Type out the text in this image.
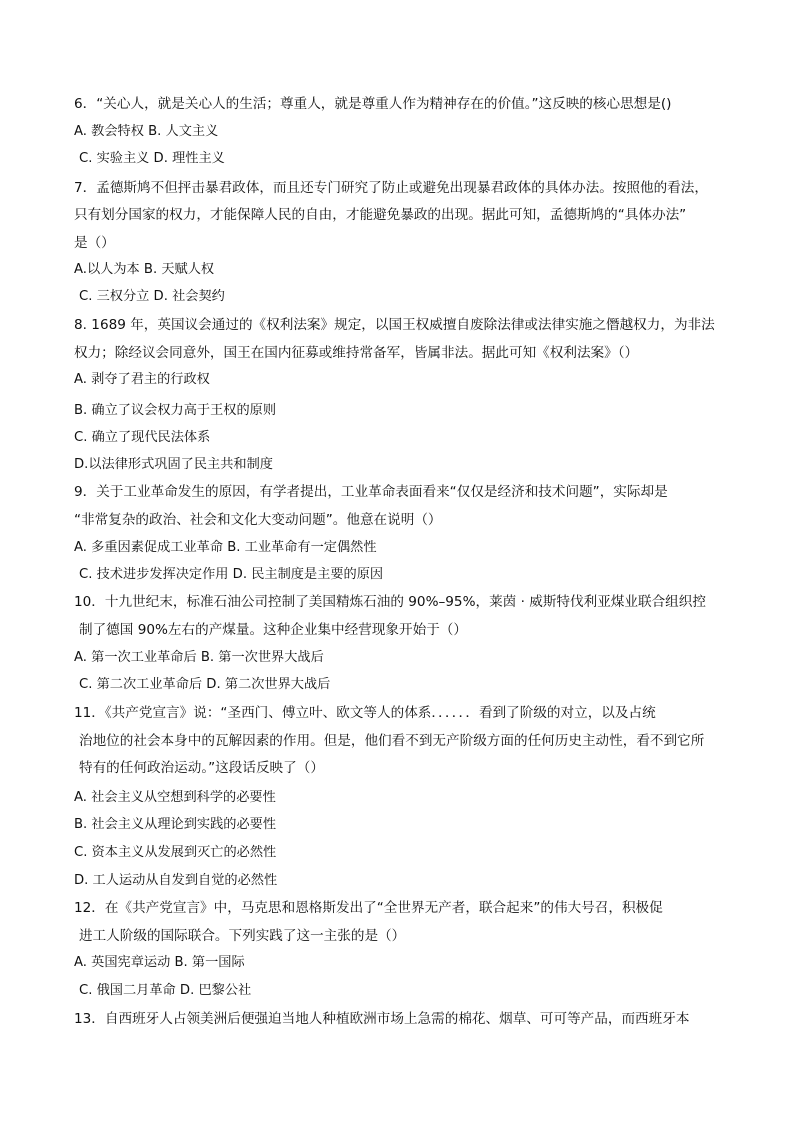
6．“关心人，就是关心人的生活；尊重人，就是尊重人作为精神存在的价值。”这反映的核心思想是()
A. 教会特权 B. 人文主义
C. 实验主义 D. 理性主义
7．孟德斯鸠不但抨击暴君政体，而且还专门研究了防止或避免出现暴君政体的具体办法。按照他的看法，
只有划分国家的权力，才能保障人民的自由，才能避免暴政的出现。据此可知，孟德斯鸠的“具体办法”
是（）
A.以人为本 B. 天赋人权
C. 三权分立 D. 社会契约
8. 1689 年，英国议会通过的《权利法案》规定，以国王权威擅自废除法律或法律实施之僭越权力，为非法
权力；除经议会同意外，国王在国内征募或维持常备军，皆属非法。据此可知《权利法案》（）
A. 剥夺了君主的行政权
B. 确立了议会权力高于王权的原则
C. 确立了现代民法体系
D.以法律形式巩固了民主共和制度
9．关于工业革命发生的原因，有学者提出，工业革命表面看来“仅仅是经济和技术问题”，实际却是
“非常复杂的政治、社会和文化大变动问题”。他意在说明（）
A. 多重因素促成工业革命 B. 工业革命有一定偶然性
C. 技术进步发挥决定作用 D. 民主制度是主要的原因
10．十九世纪末，标准石油公司控制了美国精炼石油的 90%–95%，莱茵 · 威斯特伐利亚煤业联合组织控
制了德国 90%左右的产煤量。这种企业集中经营现象开始于（）
A. 第一次工业革命后 B. 第一次世界大战后
C. 第二次工业革命后 D. 第二次世界大战后
11．《共产党宣言》说：“圣西门、傅立叶、欧文等人的体系．．．．．．看到了阶级的对立，以及占统
治地位的社会本身中的瓦解因素的作用。但是，他们看不到无产阶级方面的任何历史主动性，看不到它所
特有的任何政治运动。”这段话反映了（）
A. 社会主义从空想到科学的必要性
B. 社会主义从理论到实践的必要性
C. 资本主义从发展到灭亡的必然性
D. 工人运动从自发到自觉的必然性
12．在《共产党宣言》中，马克思和恩格斯发出了“全世界无产者，联合起来”的伟大号召，积极促
进工人阶级的国际联合。下列实践了这一主张的是（）
A. 英国宪章运动 B. 第一国际
C. 俄国二月革命 D. 巴黎公社
13．自西班牙人占领美洲后便强迫当地人种植欧洲市场上急需的棉花、烟草、可可等产品，而西班牙本
